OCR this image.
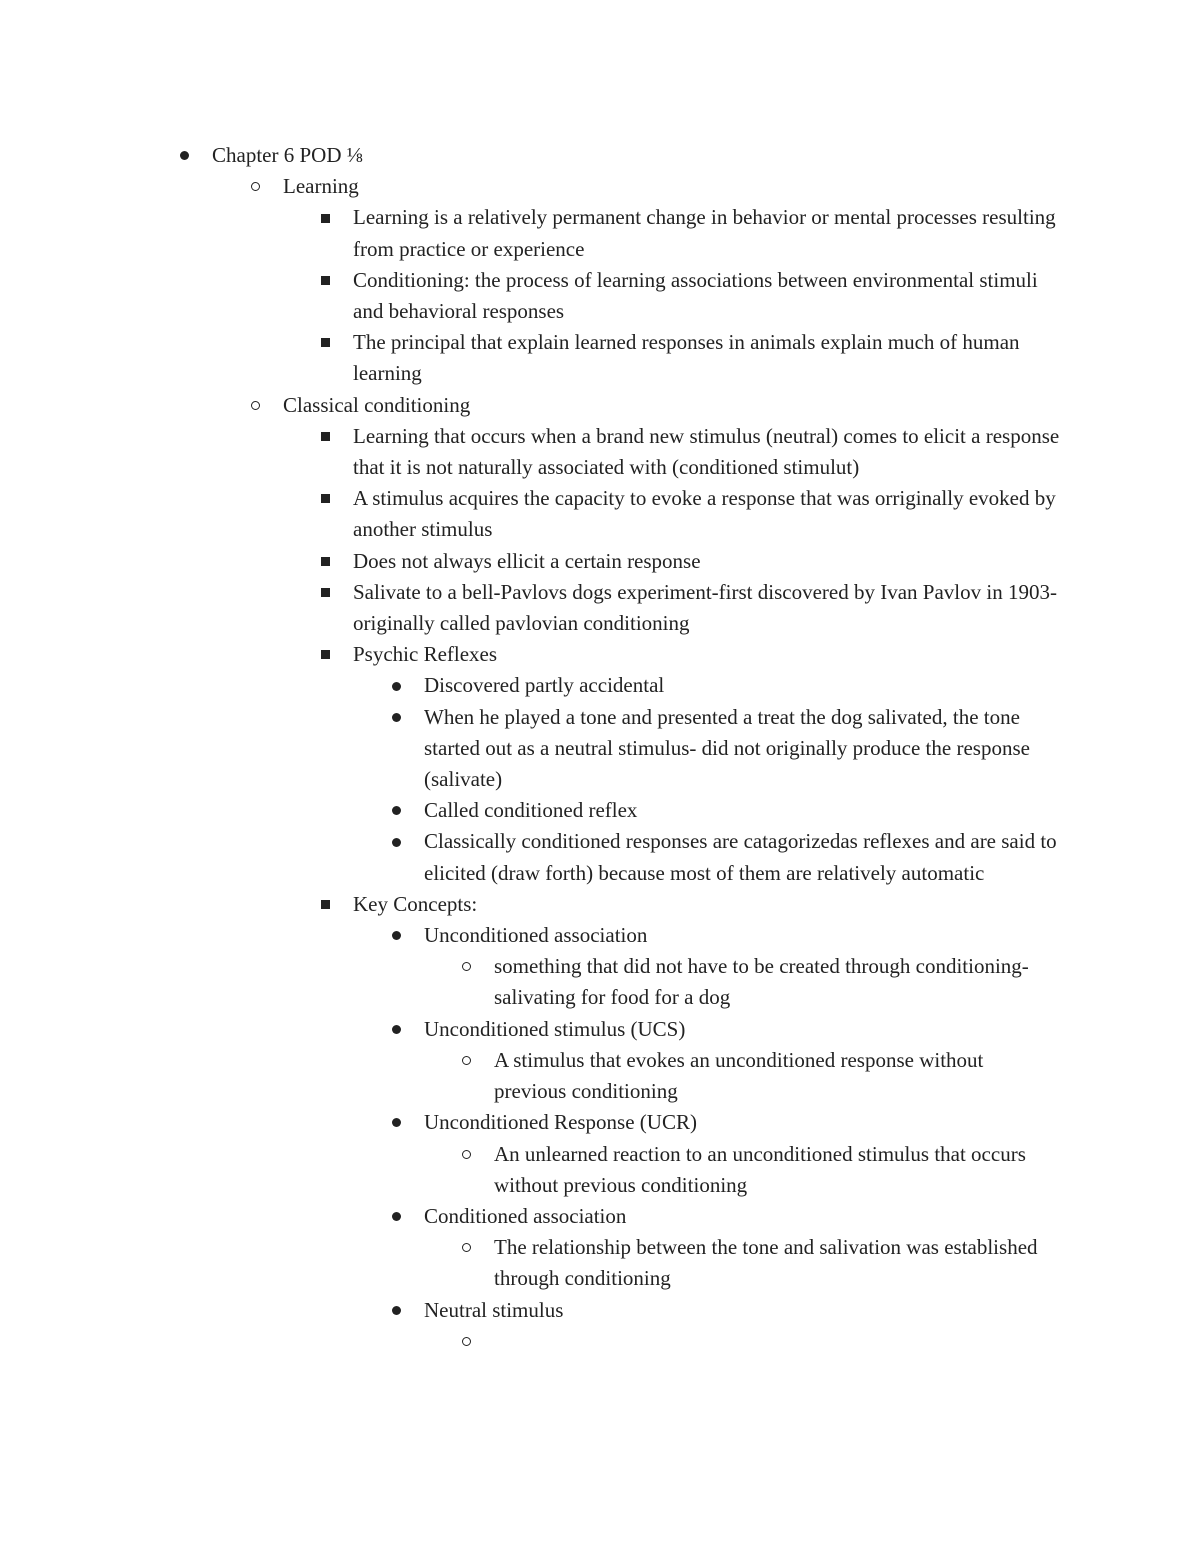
Chapter 6 POD ⅛
Learning
Learning is a relatively permanent change in behavior or mental processes resulting from practice or experience
Conditioning: the process of learning associations between environmental stimuli and behavioral responses
The principal that explain learned responses in animals explain much of human learning
Classical conditioning
Learning that occurs when a brand new stimulus (neutral) comes to elicit a response that it is not naturally associated with (conditioned stimulut)
A stimulus acquires the capacity to evoke a response that was orriginally evoked by another stimulus
Does not always ellicit a certain response
Salivate to a bell-Pavlovs dogs experiment-first discovered by Ivan Pavlov in 1903- originally called pavlovian conditioning
Psychic Reflexes
Discovered partly accidental
When he played a tone and presented a treat the dog salivated, the tone started out as a neutral stimulus- did not originally produce the response (salivate)
Called conditioned reflex
Classically conditioned responses are catagorizedas reflexes and are said to elicited (draw forth) because most of them are relatively automatic
Key Concepts:
Unconditioned association
something that did not have to be created through conditioning-salivating for food for a dog
Unconditioned stimulus (UCS)
A stimulus that evokes an unconditioned response without previous conditioning
Unconditioned Response (UCR)
An unlearned reaction to an unconditioned stimulus that occurs without previous conditioning
Conditioned association
The relationship between the tone and salivation was established through conditioning
Neutral stimulus
